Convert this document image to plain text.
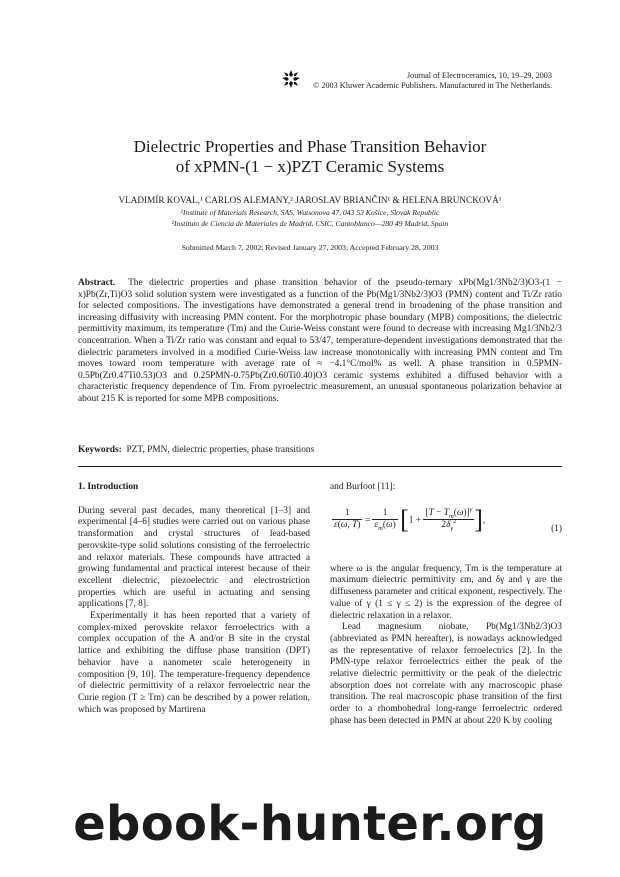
Journal of Electroceramics, 10, 19–29, 2003
© 2003 Kluwer Academic Publishers. Manufactured in The Netherlands.
Dielectric Properties and Phase Transition Behavior
of xPMN-(1 − x)PZT Ceramic Systems
VLADIMÍR KOVAL,¹ CARLOS ALEMANY,² JAROSLAV BRIANČIN¹ & HELENA BRUNCKOVÁ¹
¹Institute of Materials Research, SAS, Watsonova 47, 043 53 Košice, Slovak Republic
²Instituto de Ciencia de Materiales de Madrid, CSIC, Cantoblanco—280 49 Madrid, Spain
Submitted March 7, 2002; Revised January 27, 2003; Accepted February 28, 2003
Abstract. The dielectric properties and phase transition behavior of the pseudo-ternary xPb(Mg1/3Nb2/3)O3-(1 − x)Pb(Zr,Ti)O3 solid solution system were investigated as a function of the Pb(Mg1/3Nb2/3)O3 (PMN) content and Ti/Zr ratio for selected compositions. The investigations have demonstrated a general trend in broadening of the phase transition and increasing diffusivity with increasing PMN content. For the morphotropic phase boundary (MPB) compositions, the dielectric permittivity maximum, its temperature (Tm) and the Curie-Weiss constant were found to decrease with increasing Mg1/3Nb2/3 concentration. When a Ti/Zr ratio was constant and equal to 53/47, temperature-dependent investigations demonstrated that the dielectric parameters involved in a modified Curie-Weiss law increase monotonically with increasing PMN content and Tm moves toward room temperature with average rate of ≈ −4.1°C/mol% as well. A phase transition in 0.5PMN-0.5Pb(Zr0.47Ti0.53)O3 and 0.25PMN-0.75Pb(Zr0.60Ti0.40)O3 ceramic systems exhibited a diffused behavior with a characteristic frequency dependence of Tm. From pyroelectric measurement, an unusual spontaneous polarization behavior at about 215 K is reported for some MPB compositions.
Keywords: PZT, PMN, dielectric properties, phase transitions

1. Introduction

During several past decades, many theoretical [1–3] and experimental [4–6] studies were carried out on various phase transformation and crystal structures of lead-based perovskite-type solid solutions consisting of the ferroelectric and relaxor materials. These compounds have attracted a growing fundamental and practical interest because of their excellent dielectric, piezoelectric and electrostriction properties which are useful in actuating and sensing applications [7, 8].

Experimentally it has been reported that a variety of complex-mixed perovskite relaxor ferroelectrics with a complex occupation of the A and/or B site in the crystal lattice and exhibiting the diffuse phase transition (DPT) behavior have a nanometer scale heterogeneity in composition [9, 10]. The temperature-frequency dependence of dielectric permittivity of a relaxor ferroelectric near the Curie region (T ≥ Tm) can be described by a power relation, which was proposed by Martirena

and Burfoot [11]:

$\frac{1}{\varepsilon(\omega, T)} = \frac{1}{\varepsilon_m(\omega)} [1 + \frac{[T - T_m(\omega)]^\gamma}{2\delta_\gamma^2}$ ],
(1)

where ω is the angular frequency, Tm is the temperature at maximum dielectric permittivity εm, and δγ and γ are the diffuseness parameter and critical exponent, respectively. The value of γ (1 ≤ γ ≤ 2) is the expression of the degree of dielectric relaxation in a relaxor.

Lead magnesium niobate, Pb(Mg1/3Nb2/3)O3 (abbreviated as PMN hereafter), is nowadays acknowledged as the representative of relaxor ferroelectrics [2]. In the PMN-type relaxor ferroelectrics either the peak of the relative dielectric permittivity or the peak of the dielectric absorption does not correlate with any macroscopic phase transition. The real macroscopic phase transition of the first order to a rhombohedral long-range ferroelectric ordered phase has been detected in PMN at about 220 K by cooling

ebook-hunter.org
